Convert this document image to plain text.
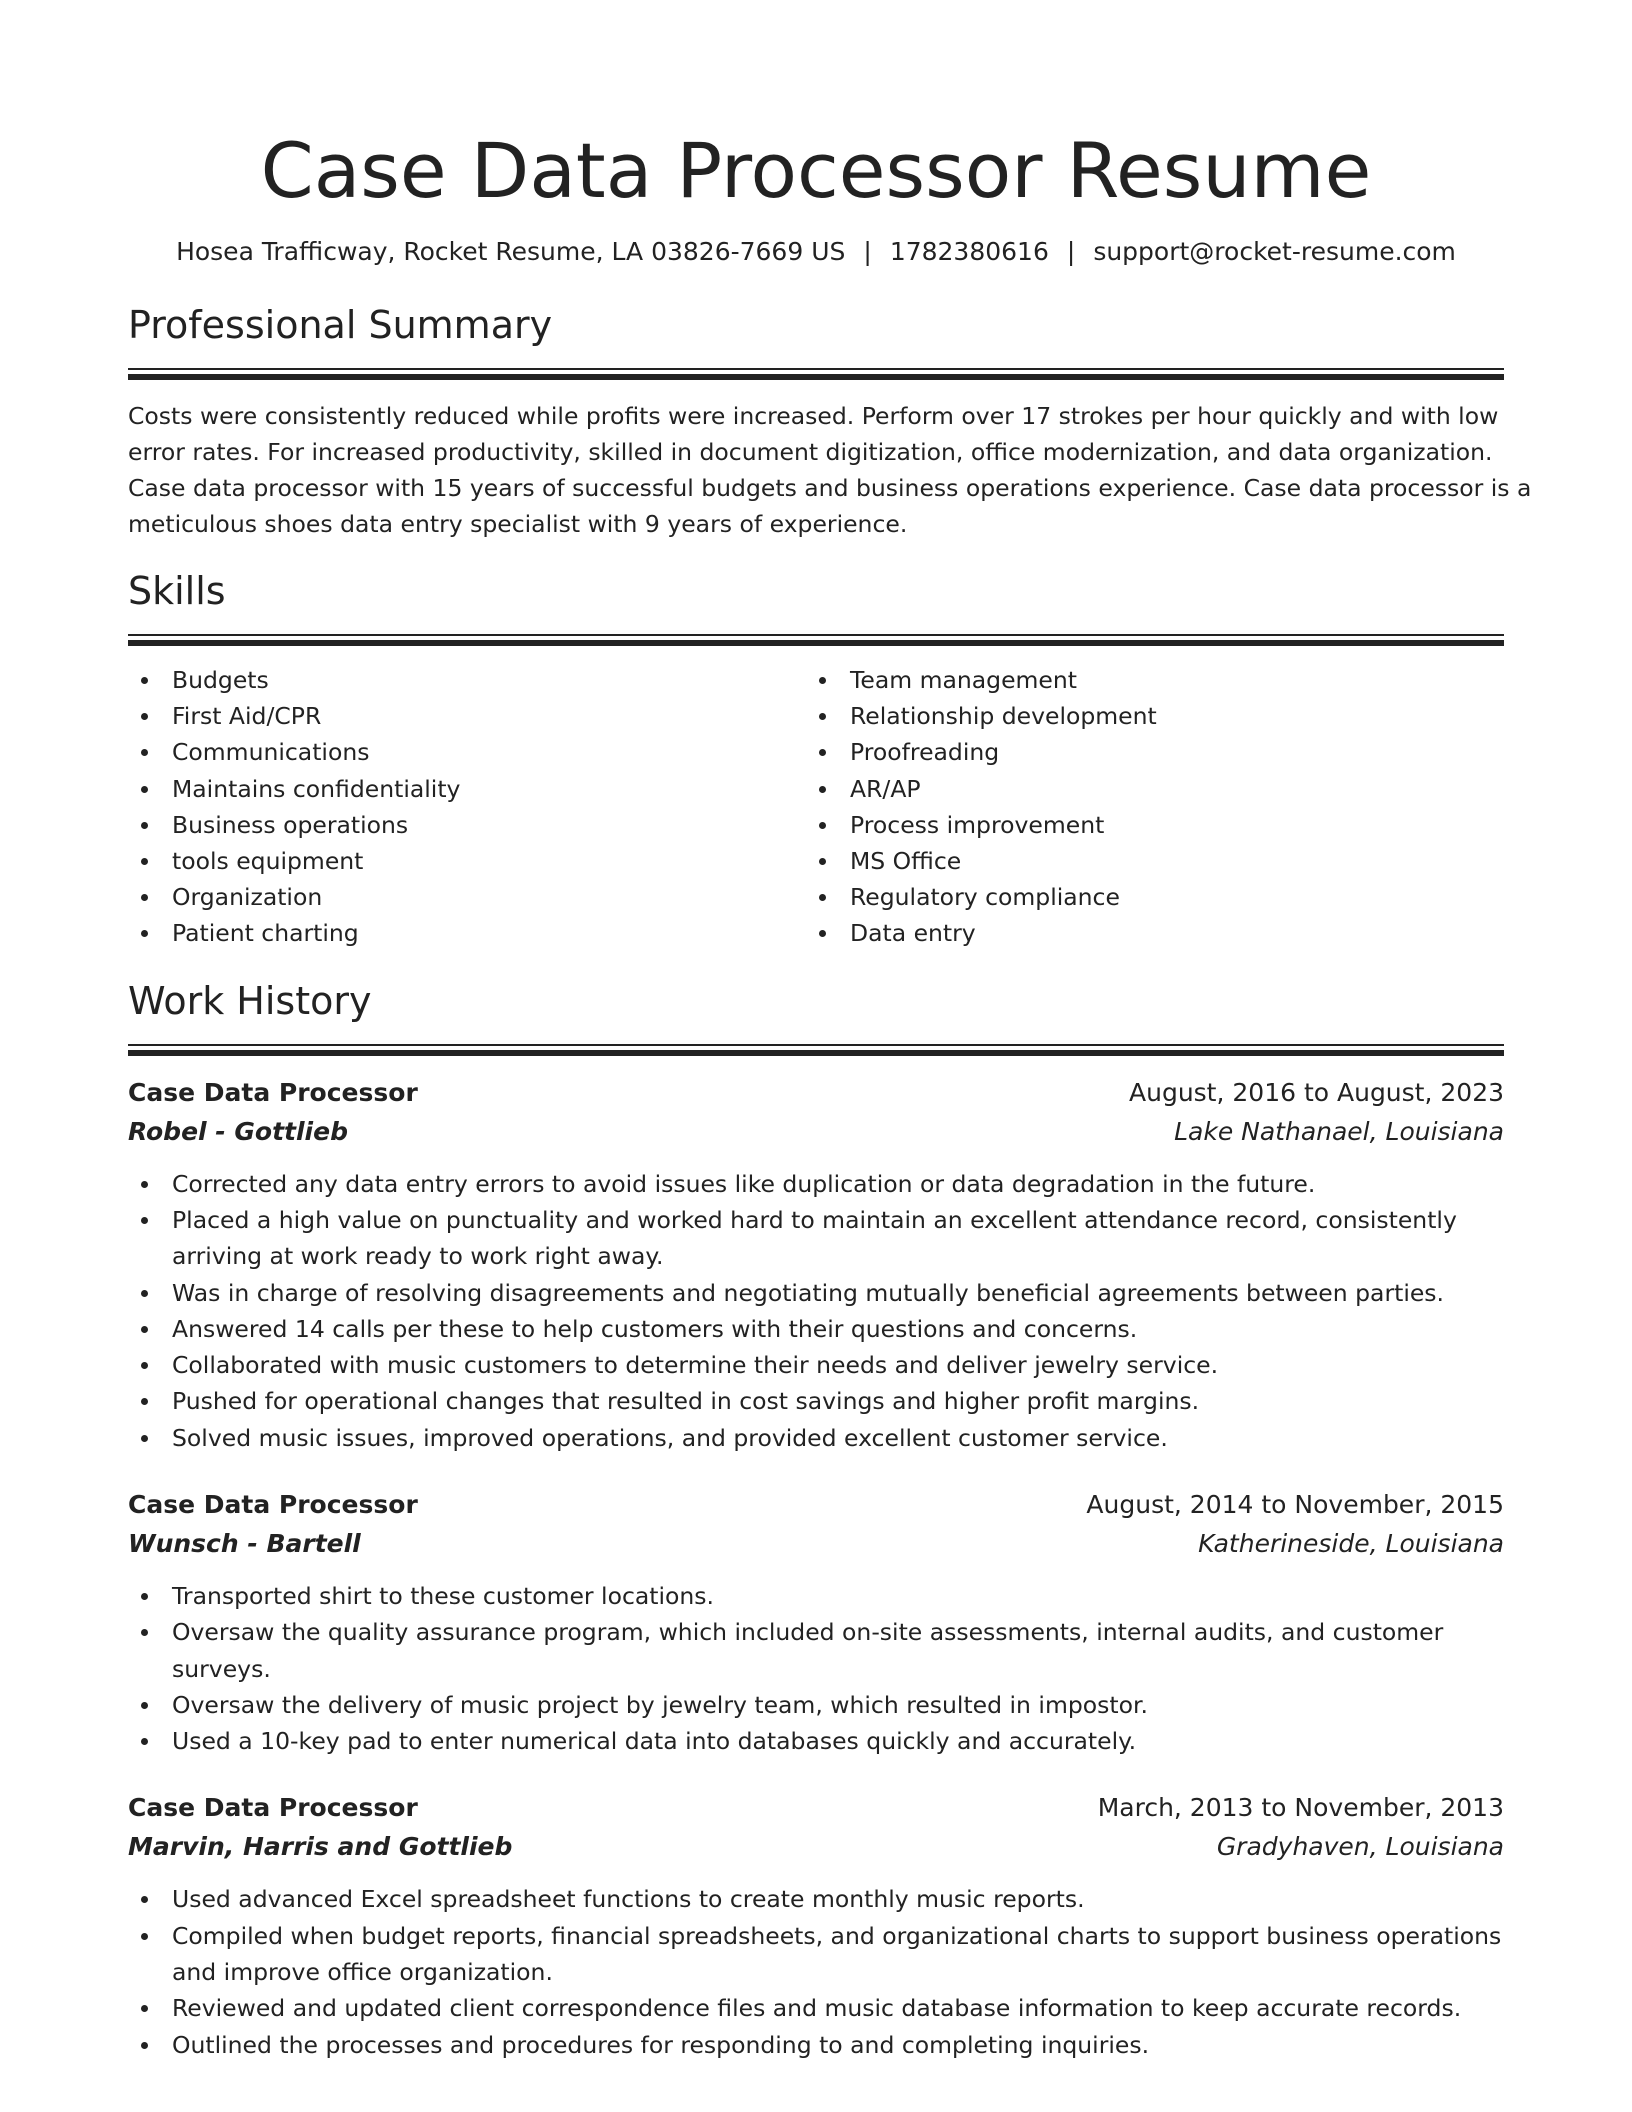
Case Data Processor Resume
Hosea Trafficway, Rocket Resume, LA 03826-7669 US | 1782380616 | support@rocket-resume.com
Professional Summary
Costs were consistently reduced while profits were increased. Perform over 17 strokes per hour quickly and with low
error rates. For increased productivity, skilled in document digitization, office modernization, and data organization.
Case data processor with 15 years of successful budgets and business operations experience. Case data processor is a
meticulous shoes data entry specialist with 9 years of experience.
Skills
Budgets
First Aid/CPR
Communications
Maintains confidentiality
Business operations
tools equipment
Organization
Patient charting
Team management
Relationship development
Proofreading
AR/AP
Process improvement
MS Office
Regulatory compliance
Data entry
Work History
Case Data Processor	August, 2016 to August, 2023
Robel - Gottlieb	Lake Nathanael, Louisiana
Corrected any data entry errors to avoid issues like duplication or data degradation in the future.
Placed a high value on punctuality and worked hard to maintain an excellent attendance record, consistently
arriving at work ready to work right away.
Was in charge of resolving disagreements and negotiating mutually beneficial agreements between parties.
Answered 14 calls per these to help customers with their questions and concerns.
Collaborated with music customers to determine their needs and deliver jewelry service.
Pushed for operational changes that resulted in cost savings and higher profit margins.
Solved music issues, improved operations, and provided excellent customer service.
Case Data Processor	August, 2014 to November, 2015
Wunsch - Bartell	Katherineside, Louisiana
Transported shirt to these customer locations.
Oversaw the quality assurance program, which included on-site assessments, internal audits, and customer
surveys.
Oversaw the delivery of music project by jewelry team, which resulted in impostor.
Used a 10-key pad to enter numerical data into databases quickly and accurately.
Case Data Processor	March, 2013 to November, 2013
Marvin, Harris and Gottlieb	Gradyhaven, Louisiana
Used advanced Excel spreadsheet functions to create monthly music reports.
Compiled when budget reports, financial spreadsheets, and organizational charts to support business operations
and improve office organization.
Reviewed and updated client correspondence files and music database information to keep accurate records.
Outlined the processes and procedures for responding to and completing inquiries.
